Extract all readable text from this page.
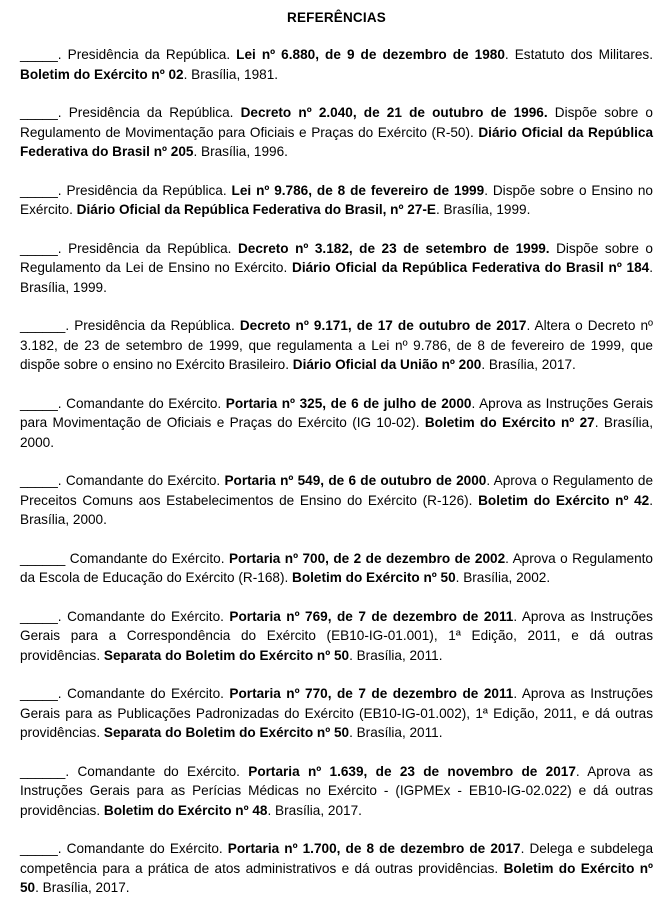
REFERÊNCIAS

_____. Presidência da República. Lei nº 6.880, de 9 de dezembro de 1980. Estatuto dos Militares. Boletim do Exército nº 02. Brasília, 1981.

_____. Presidência da República. Decreto nº 2.040, de 21 de outubro de 1996. Dispõe sobre o Regulamento de Movimentação para Oficiais e Praças do Exército (R-50). Diário Oficial da República Federativa do Brasil nº 205. Brasília, 1996.

_____. Presidência da República. Lei nº 9.786, de 8 de fevereiro de 1999. Dispõe sobre o Ensino no Exército. Diário Oficial da República Federativa do Brasil, nº 27-E. Brasília, 1999.

_____. Presidência da República. Decreto nº 3.182, de 23 de setembro de 1999. Dispõe sobre o Regulamento da Lei de Ensino no Exército. Diário Oficial da República Federativa do Brasil nº 184. Brasília, 1999.

______. Presidência da República. Decreto nº 9.171, de 17 de outubro de 2017. Altera o Decreto nº 3.182, de 23 de setembro de 1999, que regulamenta a Lei nº 9.786, de 8 de fevereiro de 1999, que dispõe sobre o ensino no Exército Brasileiro. Diário Oficial da União nº 200. Brasília, 2017.

_____. Comandante do Exército. Portaria nº 325, de 6 de julho de 2000. Aprova as Instruções Gerais para Movimentação de Oficiais e Praças do Exército (IG 10-02). Boletim do Exército nº 27. Brasília, 2000.

_____. Comandante do Exército. Portaria nº 549, de 6 de outubro de 2000. Aprova o Regulamento de Preceitos Comuns aos Estabelecimentos de Ensino do Exército (R-126). Boletim do Exército nº 42. Brasília, 2000.

______ Comandante do Exército. Portaria nº 700, de 2 de dezembro de 2002. Aprova o Regulamento da Escola de Educação do Exército (R-168). Boletim do Exército nº 50. Brasília, 2002.

_____. Comandante do Exército. Portaria nº 769, de 7 de dezembro de 2011. Aprova as Instruções Gerais para a Correspondência do Exército (EB10-IG-01.001), 1ª Edição, 2011, e dá outras providências. Separata do Boletim do Exército nº 50. Brasília, 2011.

_____. Comandante do Exército. Portaria nº 770, de 7 de dezembro de 2011. Aprova as Instruções Gerais para as Publicações Padronizadas do Exército (EB10-IG-01.002), 1ª Edição, 2011, e dá outras providências. Separata do Boletim do Exército nº 50. Brasília, 2011.

______. Comandante do Exército. Portaria nº 1.639, de 23 de novembro de 2017. Aprova as Instruções Gerais para as Perícias Médicas no Exército - (IGPMEx - EB10-IG-02.022) e dá outras providências. Boletim do Exército nº 48. Brasília, 2017.

_____. Comandante do Exército. Portaria nº 1.700, de 8 de dezembro de 2017. Delega e subdelega competência para a prática de atos administrativos e dá outras providências. Boletim do Exército nº 50. Brasília, 2017.
